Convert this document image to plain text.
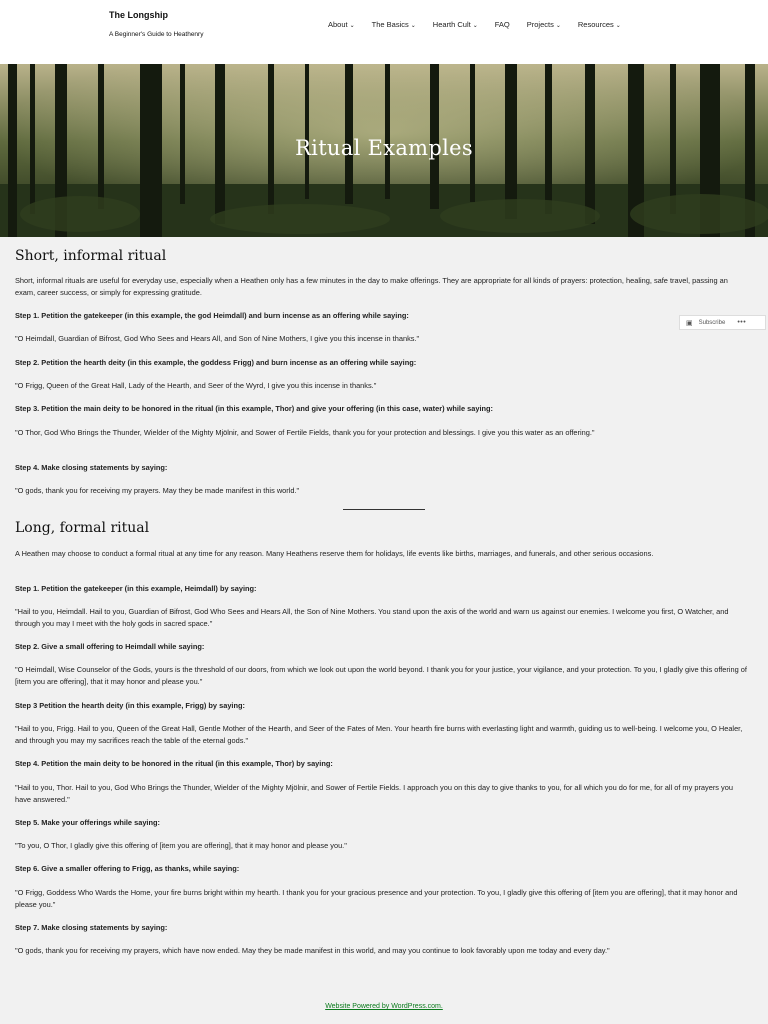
The Longship
A Beginner's Guide to Heathenry
About ⌄ The Basics ⌄ Hearth Cult ⌄ FAQ Projects ⌄ Resources ⌄
Ritual Examples
Short, informal ritual
Short, informal rituals are useful for everyday use, especially when a Heathen only has a few minutes in the day to make offerings. They are appropriate for all kinds of prayers: protection, healing, safe travel, passing an exam, career success, or simply for expressing gratitude.
Step 1. Petition the gatekeeper (in this example, the god Heimdall) and burn incense as an offering while saying:
"O Heimdall, Guardian of Bifrost, God Who Sees and Hears All, and Son of Nine Mothers, I give you this incense in thanks."
Step 2. Petition the hearth deity (in this example, the goddess Frigg) and burn incense as an offering while saying:
"O Frigg, Queen of the Great Hall, Lady of the Hearth, and Seer of the Wyrd, I give you this incense in thanks."
Step 3. Petition the main deity to be honored in the ritual (in this example, Thor) and give your offering (in this case, water) while saying:
"O Thor, God Who Brings the Thunder, Wielder of the Mighty Mjölnir, and Sower of Fertile Fields, thank you for your protection and blessings. I give you this water as an offering."
Step 4. Make closing statements by saying:
"O gods, thank you for receiving my prayers. May they be made manifest in this world."
Long, formal ritual
A Heathen may choose to conduct a formal ritual at any time for any reason. Many Heathens reserve them for holidays, life events like births, marriages, and funerals, and other serious occasions.
Step 1. Petition the gatekeeper (in this example, Heimdall) by saying:
"Hail to you, Heimdall. Hail to you, Guardian of Bifrost, God Who Sees and Hears All, the Son of Nine Mothers. You stand upon the axis of the world and warn us against our enemies. I welcome you first, O Watcher, and through you may I meet with the holy gods in sacred space."
Step 2. Give a small offering to Heimdall while saying:
"O Heimdall, Wise Counselor of the Gods, yours is the threshold of our doors, from which we look out upon the world beyond. I thank you for your justice, your vigilance, and your protection. To you, I gladly give this offering of [item you are offering], that it may honor and please you."
Step 3 Petition the hearth deity (in this example, Frigg) by saying:
"Hail to you, Frigg. Hail to you, Queen of the Great Hall, Gentle Mother of the Hearth, and Seer of the Fates of Men. Your hearth fire burns with everlasting light and warmth, guiding us to well-being. I welcome you, O Healer, and through you may my sacrifices reach the table of the eternal gods."
Step 4. Petition the main deity to be honored in the ritual (in this example, Thor) by saying:
"Hail to you, Thor. Hail to you, God Who Brings the Thunder, Wielder of the Mighty Mjölnir, and Sower of Fertile Fields. I approach you on this day to give thanks to you, for all which you do for me, for all of my prayers you have answered."
Step 5. Make your offerings while saying:
"To you, O Thor, I gladly give this offering of [item you are offering], that it may honor and please you."
Step 6. Give a smaller offering to Frigg, as thanks, while saying:
"O Frigg, Goddess Who Wards the Home, your fire burns bright within my hearth. I thank you for your gracious presence and your protection. To you, I gladly give this offering of [item you are offering], that it may honor and please you."
Step 7. Make closing statements by saying:
"O gods, thank you for receiving my prayers, which have now ended. May they be made manifest in this world, and may you continue to look favorably upon me today and every day."
▣ Subscribe •••
Website Powered by WordPress.com.
